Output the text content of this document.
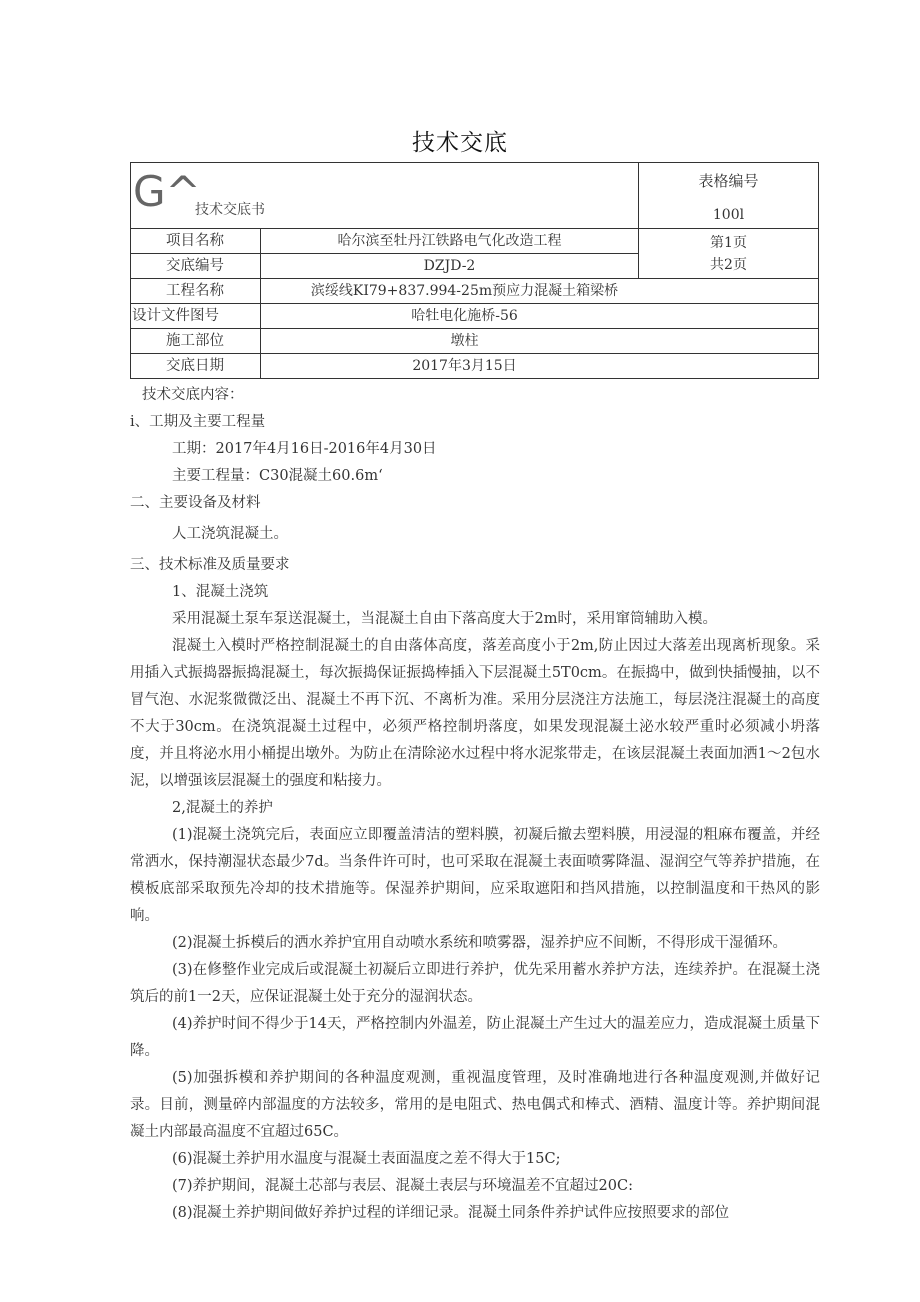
技术交底
G^
技术交底书		表格编号
100l

项目名称	哈尔滨至牡丹江铁路电气化改造工程	第1页
共2页

交底编号	DZJD-2	
工程名称	滨绥线KI79+837.994-25m预应力混凝土箱梁桥	
设计文件图号	哈牡电化施桥-56	
施工部位	墩柱	
交底日期	2017年3月15日	

技术交底内容：

i、工期及主要工程量

工期：2017年4月16日-2016年4月30日

主要工程量：C30混凝土60.6m‘

二、主要设备及材料

人工浇筑混凝土。

三、技术标准及质量要求

1、混凝土浇筑

采用混凝土泵车泵送混凝土，当混凝土自由下落高度大于2m时，采用窜筒辅助入模。

混凝土入模时严格控制混凝土的自由落体高度，落差高度小于2m,防止因过大落差出现离析现象。采用插入式振捣器振捣混凝土，每次振捣保证振捣棒插入下层混凝土5T0cm。在振捣中，做到快插慢抽，以不冒气泡、水泥浆微微泛出、混凝土不再下沉、不离析为准。采用分层浇注方法施工，每层浇注混凝土的高度不大于30cm。在浇筑混凝土过程中，必须严格控制坍落度，如果发现混凝土泌水较严重时必须减小坍落度，并且将泌水用小桶提出墩外。为防止在清除泌水过程中将水泥浆带走，在该层混凝土表面加洒1～2包水泥，以增强该层混凝土的强度和粘接力。

2,混凝土的养护

(1)混凝土浇筑完后，表面应立即覆盖清洁的塑料膜，初凝后撤去塑料膜，用浸湿的粗麻布覆盖，并经常洒水，保持潮湿状态最少7d。当条件许可时，也可采取在混凝土表面喷雾降温、湿润空气等养护措施，在模板底部采取预先冷却的技术措施等。保湿养护期间，应采取遮阳和挡风措施，以控制温度和干热风的影响。

(2)混凝土拆模后的洒水养护宜用自动喷水系统和喷雾器，湿养护应不间断，不得形成干湿循环。

(3)在修整作业完成后或混凝土初凝后立即进行养护，优先采用蓄水养护方法，连续养护。在混凝土浇筑后的前1一2天，应保证混凝土处于充分的湿润状态。

(4)养护时间不得少于14天，严格控制内外温差，防止混凝土产生过大的温差应力，造成混凝土质量下降。

(5)加强拆模和养护期间的各种温度观测，重视温度管理，及时准确地进行各种温度观测,并做好记录。目前，测量碎内部温度的方法较多，常用的是电阻式、热电偶式和棒式、酒精、温度计等。养护期间混凝土内部最高温度不宜超过65C。

(6)混凝土养护用水温度与混凝土表面温度之差不得大于15C;

(7)养护期间，混凝土芯部与表层、混凝土表层与环境温差不宜超过20C:

(8)混凝土养护期间做好养护过程的详细记录。混凝土同条件养护试件应按照要求的部位
